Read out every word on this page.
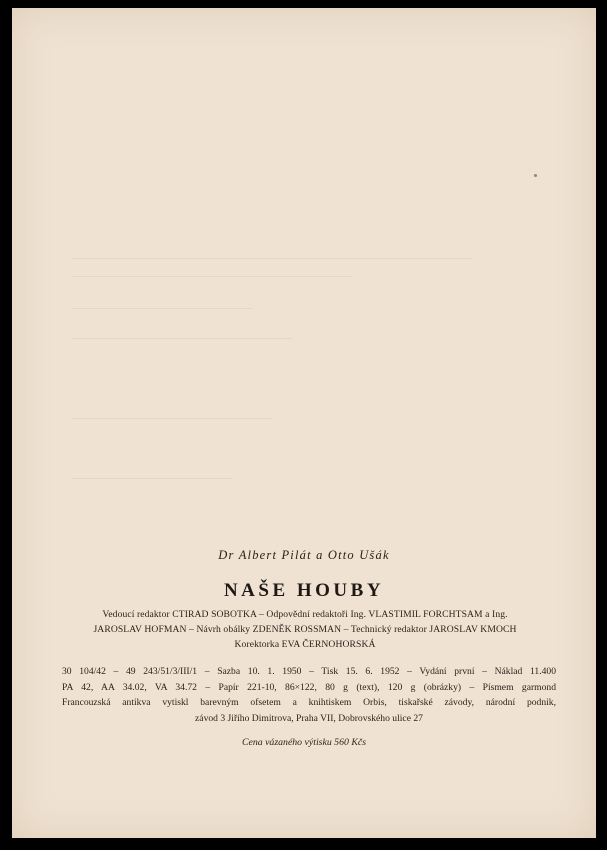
Dr Albert Pilát a Otto Ušák
NAŠE HOUBY
Vedoucí redaktor CTIRAD SOBOTKA – Odpovědní redaktoři Ing. VLASTIMIL FORCHTSAM a Ing.
JAROSLAV HOFMAN – Návrh obálky ZDENĚK ROSSMAN – Technický redaktor JAROSLAV KMOCH
Korektorka EVA ČERNOHORSKÁ
30 104/42 – 49 243/51/3/III/1 – Sazba 10. 1. 1950 – Tisk 15. 6. 1952 – Vydání první – Náklad 11.400
PA 42, AA 34.02, VA 34.72 – Papír 221-10, 86×122, 80 g (text), 120 g (obrázky) – Písmem garmond
Francouzská antikva vytiskl barevným ofsetem a knihtiskem Orbis, tiskařské závody, národní podnik,
závod 3 Jiřího Dimitrova, Praha VII, Dobrovského ulice 27
Cena vázaného výtisku 560 Kčs
